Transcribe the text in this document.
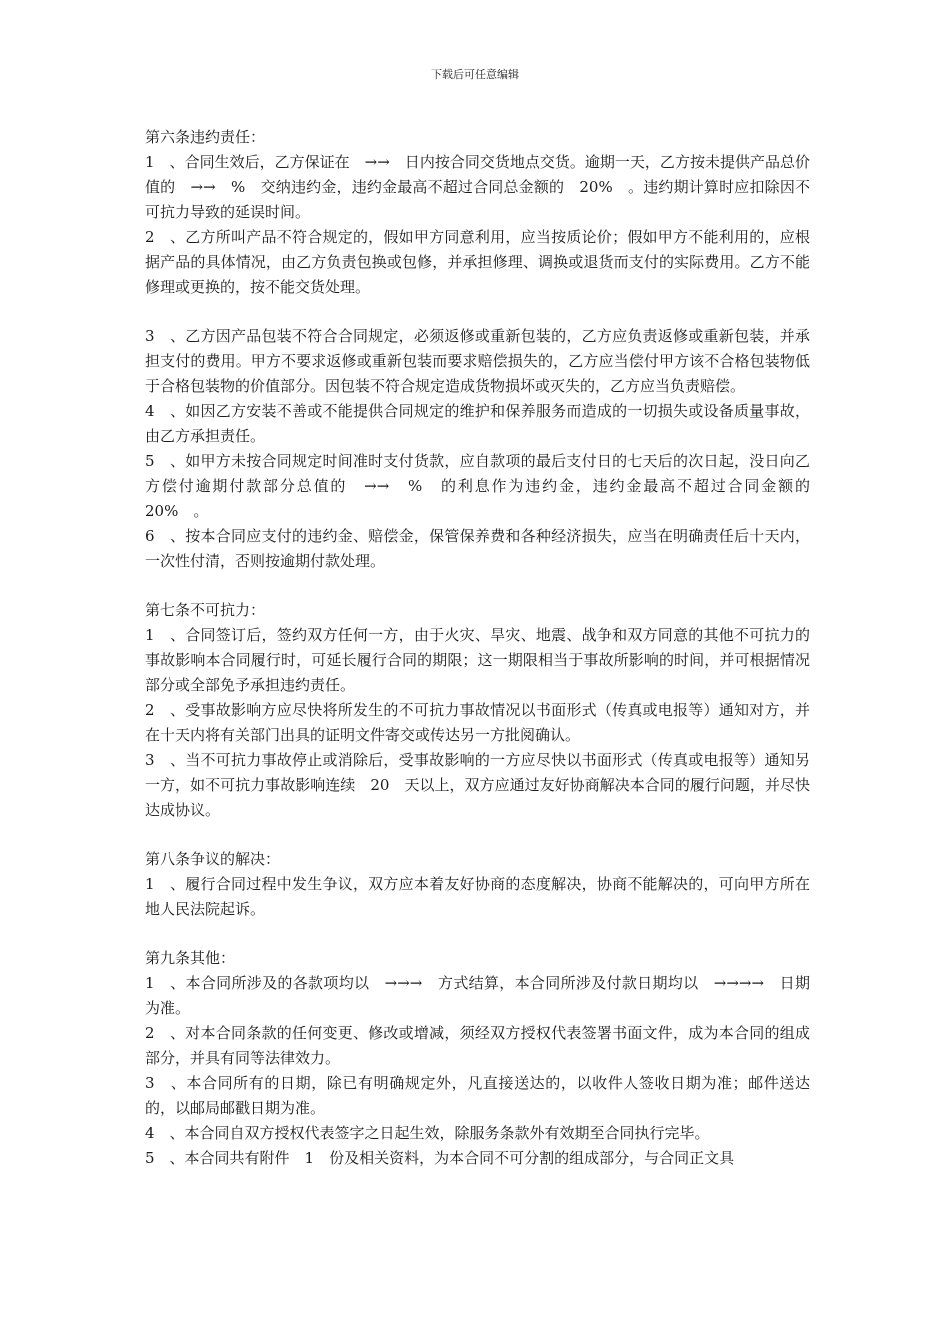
下载后可任意编辑
第六条违约责任：

1　、合同生效后，乙方保证在　→→　日内按合同交货地点交货。逾期一天，乙方按未提供产品总价值的　→→　%　交纳违约金，违约金最高不超过合同总金额的　20%　。违约期计算时应扣除因不可抗力导致的延误时间。

2　、乙方所叫产品不符合规定的，假如甲方同意利用，应当按质论价；假如甲方不能利用的，应根据产品的具体情况，由乙方负责包换或包修，并承担修理、调换或退货而支付的实际费用。乙方不能修理或更换的，按不能交货处理。

3　、乙方因产品包装不符合合同规定，必须返修或重新包装的，乙方应负责返修或重新包装，并承担支付的费用。甲方不要求返修或重新包装而要求赔偿损失的，乙方应当偿付甲方该不合格包装物低于合格包装物的价值部分。因包装不符合规定造成货物损坏或灭失的，乙方应当负责赔偿。

4　、如因乙方安装不善或不能提供合同规定的维护和保养服务而造成的一切损失或设备质量事故，由乙方承担责任。

5　、如甲方未按合同规定时间准时支付货款，应自款项的最后支付日的七天后的次日起，没日向乙方偿付逾期付款部分总值的　→→　%　的利息作为违约金，违约金最高不超过合同金额的　20%　。

6　、按本合同应支付的违约金、赔偿金，保管保养费和各种经济损失，应当在明确责任后十天内，一次性付清，否则按逾期付款处理。

第七条不可抗力：

1　、合同签订后，签约双方任何一方，由于火灾、旱灾、地震、战争和双方同意的其他不可抗力的事故影响本合同履行时，可延长履行合同的期限；这一期限相当于事故所影响的时间，并可根据情况部分或全部免予承担违约责任。

2　、受事故影响方应尽快将所发生的不可抗力事故情况以书面形式（传真或电报等）通知对方，并在十天内将有关部门出具的证明文件寄交或传达另一方批阅确认。

3　、当不可抗力事故停止或消除后，受事故影响的一方应尽快以书面形式（传真或电报等）通知另一方，如不可抗力事故影响连续　20　天以上，双方应通过友好协商解决本合同的履行问题，并尽快达成协议。

第八条争议的解决：

1　、履行合同过程中发生争议，双方应本着友好协商的态度解决，协商不能解决的，可向甲方所在地人民法院起诉。

第九条其他：

1　、本合同所涉及的各款项均以　→→→　方式结算，本合同所涉及付款日期均以　→→→→　日期为准。

2　、对本合同条款的任何变更、修改或增减，须经双方授权代表签署书面文件，成为本合同的组成部分，并具有同等法律效力。

3　、本合同所有的日期，除已有明确规定外，凡直接送达的，以收件人签收日期为准；邮件送达的，以邮局邮戳日期为准。

4　、本合同自双方授权代表签字之日起生效，除服务条款外有效期至合同执行完毕。

5　、本合同共有附件　1　份及相关资料，为本合同不可分割的组成部分，与合同正文具
